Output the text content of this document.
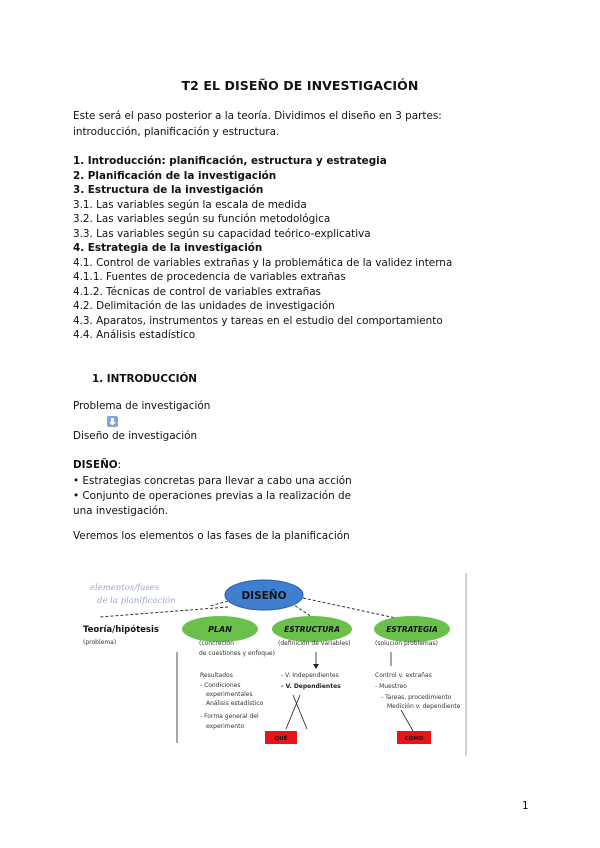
T2 EL DISEÑO DE INVESTIGACIÓN
Este será el paso posterior a la teoría. Dividimos el diseño en 3 partes: introducción, planificación y estructura.
1. Introducción: planificación, estructura y estrategia
2. Planificación de la investigación
3. Estructura de la investigación
3.1. Las variables según la escala de medida
3.2. Las variables según su función metodológica
3.3. Las variables según su capacidad teórico-explicativa
4. Estrategia de la investigación
4.1. Control de variables extrañas y la problemática de la validez interna
4.1.1. Fuentes de procedencia de variables extrañas
4.1.2. Técnicas de control de variables extrañas
4.2. Delimitación de las unidades de investigación
4.3. Aparatos, instrumentos y tareas en el estudio del comportamiento
4.4. Análisis estadístico
1. INTRODUCCIÓN
Problema de investigación
Diseño de investigación
DISEÑO:
• Estrategias concretas para llevar a cabo una acción
• Conjunto de operaciones previas a la realización de una investigación.
Veremos los elementos o las fases de la planificación
elementos/fases
de la planificación	DISEÑO
Teoría/hipótesis
(problema)
PLAN	ESTRUCTURA	ESTRATEGIA
(concreción
de cuestiones y enfoque)
(definición de variables)	(solución problemas)
Resultados
- Condiciones
experimentales
Análisis estadístico
- Forma general del
experimento
- V. Independientes
- V. Dependientes
Control v. extrañas
- Muestreo
- Tareas, procedimiento
Medición v. dependiente
QUÉ	CÓMO
1
